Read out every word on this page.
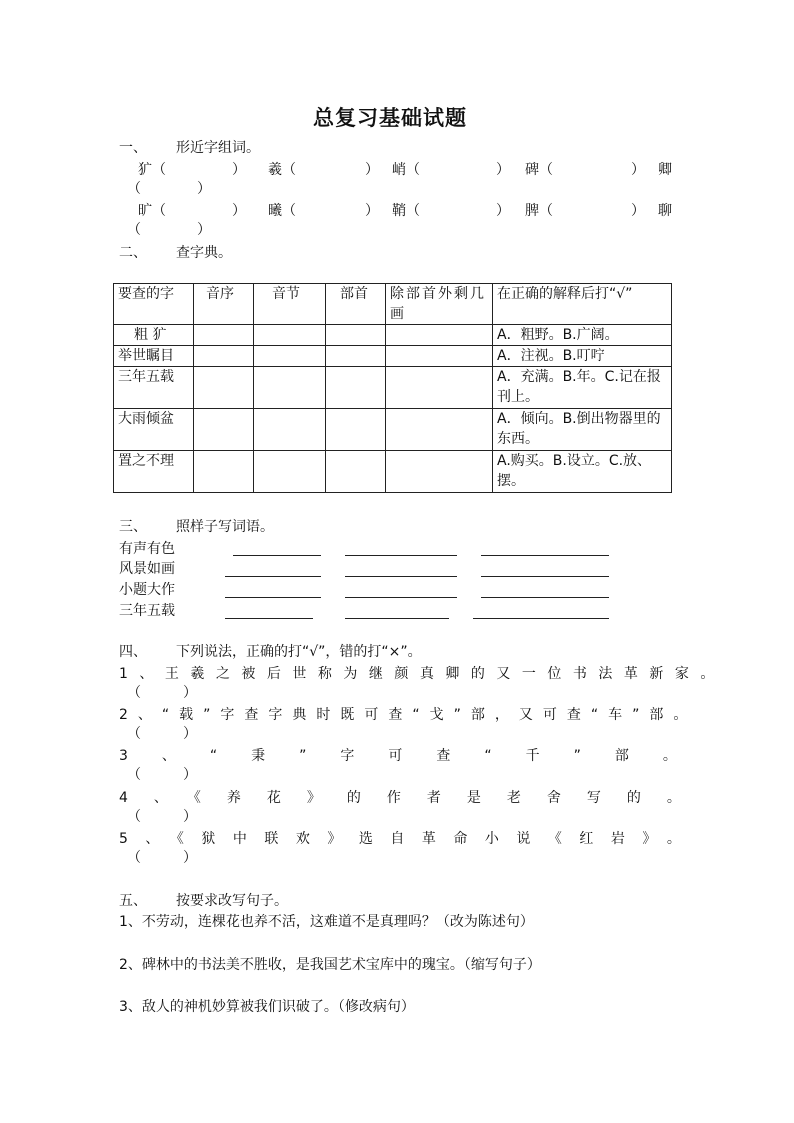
总复习基础试题
一、 形近字组词。
犷（	） 羲（	） 峭（	） 碑（	） 卿
（　　　　）
旷（	） 曦（	） 鞘（	） 脾（	） 聊
（　　　　）
二、 查字典。
要查的字	音序	音节	部首	除部首外剩几画	在正确的解释后打“√”
粗 犷					A．粗野。B.广阔。
举世瞩目					A．注视。B.叮咛
三年五载					A．充满。B.年。C.记在报刊上。
大雨倾盆					A．倾向。B.倒出物器里的东西。
置之不理					A.购买。B.设立。C.放、摆。
三、 照样子写词语。
有声有色
风景如画
小题大作
三年五载
四、 下列说法，正确的打“√”，错的打“×”。
1、王羲之被后世称为继颜真卿的又一位书法革新家。
（　　　）
2、“载”字查字典时既可查“戈”部，又可查“车”部。
（　　　）
3、“秉”字可查“千”部。
（　　　）
4、《养花》的作者是老舍写的。
（　　　）
5、《狱中联欢》选自革命小说《红岩》。
（　　　）
五、 按要求改写句子。
1、不劳动，连棵花也养不活，这难道不是真理吗？（改为陈述句）
2、碑林中的书法美不胜收，是我国艺术宝库中的瑰宝。（缩写句子）
3、敌人的神机妙算被我们识破了。（修改病句）
